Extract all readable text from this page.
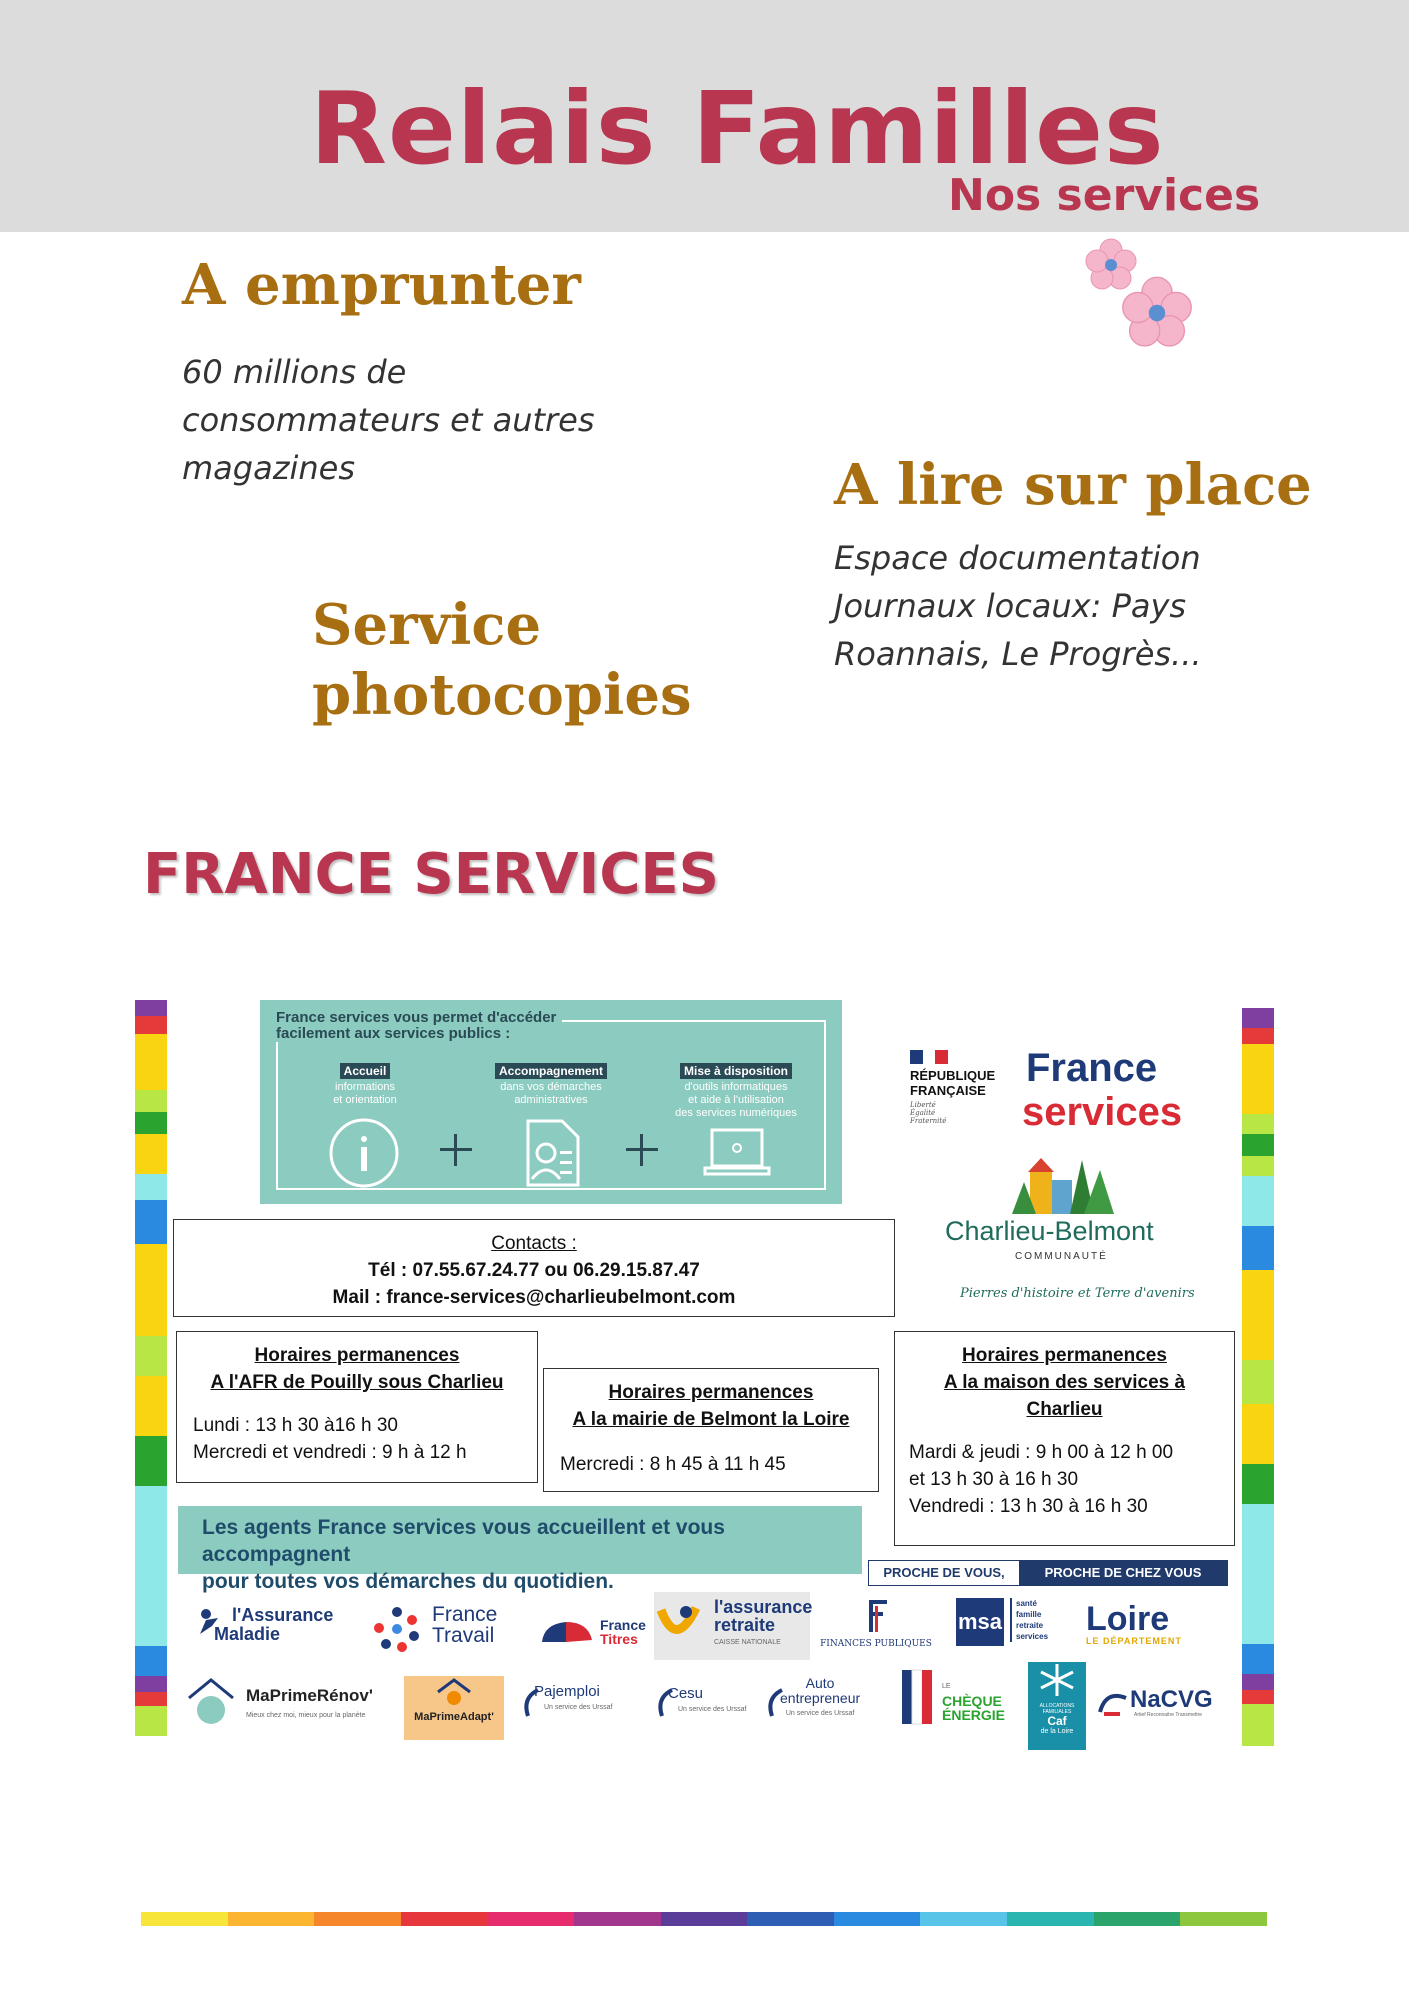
Relais Familles
Nos services
A emprunter
60 millions de
consommateurs et autres
magazines	A lire sur place
Espace documentation
Journaux locaux: Pays
Roannais, Le Progrès...
Service
photocopies
FRANCE SERVICES
France services vous permet d'accéder
facilement aux services publics :
Accueil
informations
et orientation
Accompagnement
dans vos démarches
administratives
Mise à disposition
d'outils informatiques
et aide à l'utilisation
des services numériques
Contacts :
Tél : 07.55.67.24.77 ou 06.29.15.87.47
Mail : france-services@charlieubelmont.com
Horaires permanences
A l'AFR de Pouilly sous Charlieu
Lundi : 13 h 30 à16 h 30
Mercredi et vendredi : 9 h à 12 h
Horaires permanences
A la mairie de Belmont la Loire
Mercredi : 8 h 45 à 11 h 45
Horaires permanences
A la maison des services à
Charlieu
Mardi & jeudi : 9 h 00 à 12 h 00
et 13 h 30 à 16 h 30
Vendredi : 13 h 30 à 16 h 30
Les agents France services vous accueillent et vous accompagnent
pour toutes vos démarches du quotidien.	PROCHE DE VOUS,	PROCHE DE CHEZ VOUS
RÉPUBLIQUE
FRANÇAISE
Liberté
Égalité
Fraternité
France
services
Charlieu-Belmont
COMMUNAUTÉ
Pierres d'histoire et Terre d'avenirs
l'Assurance
Maladie
France
Travail	France
Titres
l'assurance
retraite
CAISSE NATIONALE	FINANCES PUBLIQUES
msa
santé
famille
retraite
services Loire
LE DÉPARTEMENT
MaPrimeRénov'
Mieux chez moi, mieux pour la planète	MaPrimeAdapt'
Pajemploi
Un service des Urssaf
Cesu
Un service des Urssaf
Auto
entrepreneur
Un service des Urssaf
LE
CHÈQUE
ÉNERGIE
ALLOCATIONS
FAMILIALES
Caf
de la Loire
NaCVG
Artief Reconnaitre Transmettre
